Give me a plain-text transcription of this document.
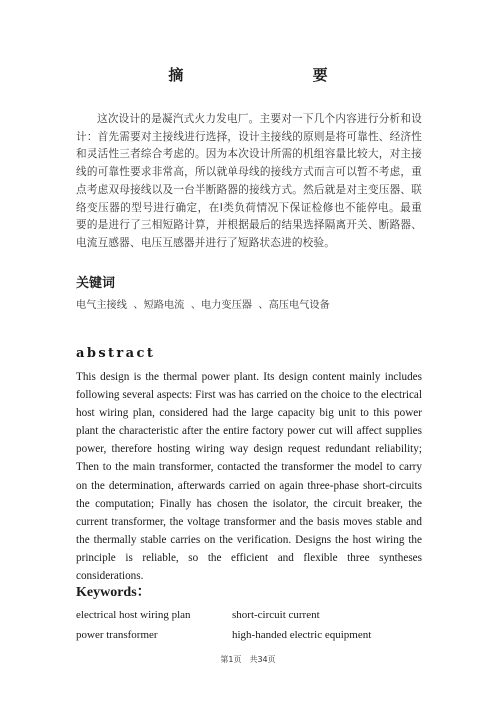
摘 要
这次设计的是凝汽式火力发电厂。主要对一下几个内容进行分析和设计：首先需要对主接线进行选择，设计主接线的原则是将可靠性、经济性和灵活性三者综合考虑的。因为本次设计所需的机组容量比较大，对主接线的可靠性要求非常高，所以就单母线的接线方式而言可以暂不考虑，重点考虑双母接线以及一台半断路器的接线方式。然后就是对主变压器、联络变压器的型号进行确定，在Ⅰ类负荷情况下保证检修也不能停电。最重要的是进行了三相短路计算，并根据最后的结果选择隔离开关、断路器、电流互感器、电压互感器并进行了短路状态进的校验。
关键词
电气主接线  、短路电流  、电力变压器  、高压电气设备
abstract
This design is the thermal power plant. Its design content mainly includes following several aspects: First was has carried on the choice to the electrical host wiring plan, considered had the large capacity big unit to this power plant the characteristic after the entire factory power cut will affect supplies power, therefore hosting wiring way design request redundant reliability; Then to the main transformer, contacted the transformer the model to carry on the determination, afterwards carried on again three-phase short-circuits the computation; Finally has chosen the isolator, the circuit breaker, the current transformer, the voltage transformer and the basis moves stable and the thermally stable carries on the verification. Designs the host wiring the principle is reliable, so the efficient and flexible three syntheses considerations.
Keywords：
electrical host wiring plan	short-circuit current
power transformer	high-handed electric equipment
第1页　共34页
